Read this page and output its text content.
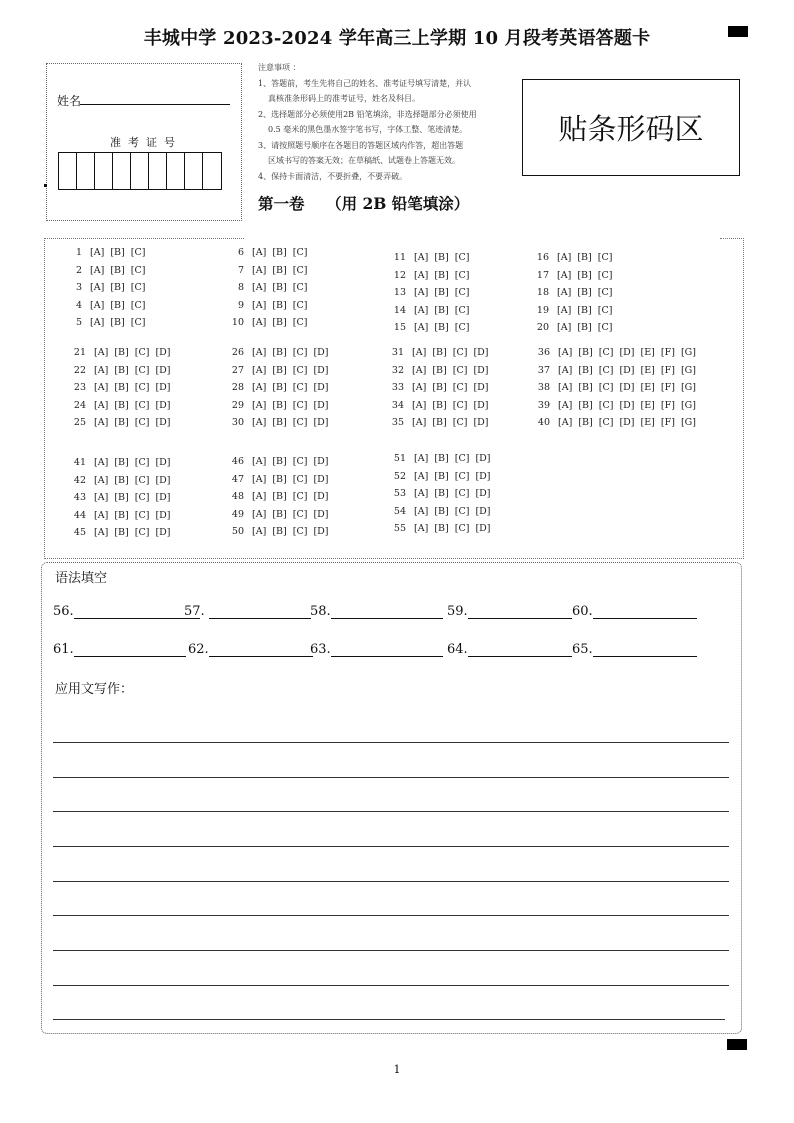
丰城中学 2023-2024 学年高三上学期 10 月段考英语答题卡
姓名
准考证号
注意事项 ：
1、答题前，考生先将自己的姓名、准考证号填写清楚，并认
真核准条形码上的准考证号，姓名及科目。
2、选择题部分必须使用2B 铅笔填涂，非选择题部分必须使用
0.5 毫米的黑色墨水签字笔书写，字体工整、笔迹清楚。
3、请按照题号顺序在各题目的答题区域内作答，超出答题
区域书写的答案无效；在草稿纸、试题卷上答题无效。
4、保持卡面清洁，不要折叠，不要弄破。
贴条形码区
第一卷    （用 2B 铅笔填涂）
1 [A]  [B]  [C]
2 [A]  [B]  [C]
3 [A]  [B]  [C]
4 [A]  [B]  [C]
5 [A]  [B]  [C]
6 [A]  [B]  [C]
7 [A]  [B]  [C]
8 [A]  [B]  [C]
9 [A]  [B]  [C]
10 [A]  [B]  [C]
11 [A]  [B]  [C]
12 [A]  [B]  [C]
13 [A]  [B]  [C]
14 [A]  [B]  [C]
15 [A]  [B]  [C]
16 [A]  [B]  [C]
17 [A]  [B]  [C]
18 [A]  [B]  [C]
19 [A]  [B]  [C]
20 [A]  [B]  [C]
21 [A]  [B]  [C]  [D]
22 [A]  [B]  [C]  [D]
23 [A]  [B]  [C]  [D]
24 [A]  [B]  [C]  [D]
25 [A]  [B]  [C]  [D]
26 [A]  [B]  [C]  [D]
27 [A]  [B]  [C]  [D]
28 [A]  [B]  [C]  [D]
29 [A]  [B]  [C]  [D]
30 [A]  [B]  [C]  [D]
31 [A]  [B]  [C]  [D]
32 [A]  [B]  [C]  [D]
33 [A]  [B]  [C]  [D]
34 [A]  [B]  [C]  [D]
35 [A]  [B]  [C]  [D]
36 [A]  [B]  [C]  [D]  [E]  [F]  [G]
37 [A]  [B]  [C]  [D]  [E]  [F]  [G]
38 [A]  [B]  [C]  [D]  [E]  [F]  [G]
39 [A]  [B]  [C]  [D]  [E]  [F]  [G]
40 [A]  [B]  [C]  [D]  [E]  [F]  [G]
41 [A]  [B]  [C]  [D]
42 [A]  [B]  [C]  [D]
43 [A]  [B]  [C]  [D]
44 [A]  [B]  [C]  [D]
45 [A]  [B]  [C]  [D]
46 [A]  [B]  [C]  [D]
47 [A]  [B]  [C]  [D]
48 [A]  [B]  [C]  [D]
49 [A]  [B]  [C]  [D]
50 [A]  [B]  [C]  [D]
51 [A]  [B]  [C]  [D]
52 [A]  [B]  [C]  [D]
53 [A]  [B]  [C]  [D]
54 [A]  [B]  [C]  [D]
55 [A]  [B]  [C]  [D]
语法填空
56.	57.	58.	59.	60.
61.	62.	63.	64.	65.
应用文写作：
1
